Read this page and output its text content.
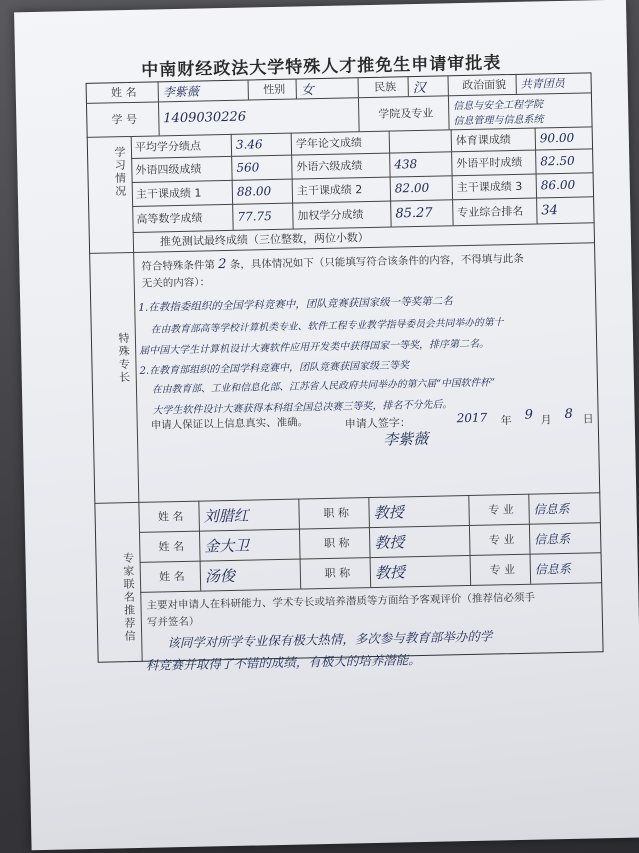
中南财经政法大学特殊人才推免生申请审批表
姓 名	李紫薇	性别	女	民族	汉	政治面貌	共青团员
学 号	1409030226	学院及专业
信息与安全工程学院
信息管理与信息系统
学习情况 平均学分绩点	3.46	学年论文成绩	体育课成绩	90.00
外语四级成绩	560	外语六级成绩	438	外语平时成绩	82.50
主干课成绩 1	88.00	主干课成绩 2	82.00	主干课成绩 3	86.00
高等数学成绩	77.75	加权学分成绩	85.27	专业综合排名	34
推免测试最终成绩（三位整数，两位小数）
特殊专长
符合特殊条件第 2 条，具体情况如下（只能填写符合该条件的内容，不得填与此条
无关的内容）：
1.在教指委组织的全国学科竞赛中，团队竞赛获国家级一等奖第二名
在由教育部高等学校计算机类专业、软件工程专业教学指导委员会共同举办的第十
届中国大学生计算机设计大赛软件应用开发类中获得国家一等奖，排序第二名。
2.在教育部组织的全国学科竞赛中，团队竞赛获国家级三等奖
在由教育部、工业和信息化部、江苏省人民政府共同举办的第六届“中国软件杯”
大学生软件设计大赛获得本科组全国总决赛三等奖，排名不分先后。
申请人保证以上信息真实、准确。	申请人签字：
李紫薇
2017 年 9 月 8 日
专家联名推荐信
姓 名	刘腊红	职 称	教授	专 业	信息系
姓 名	金大卫	职 称	教授	专 业	信息系
姓 名	汤俊	职 称	教授	专 业	信息系
主要对申请人在科研能力、学术专长或培养潜质等方面给予客观评价（推荐信必须手
写并签名）
该同学对所学专业保有极大热情，多次参与教育部举办的学
科竞赛并取得了不错的成绩，有极大的培养潜能。
